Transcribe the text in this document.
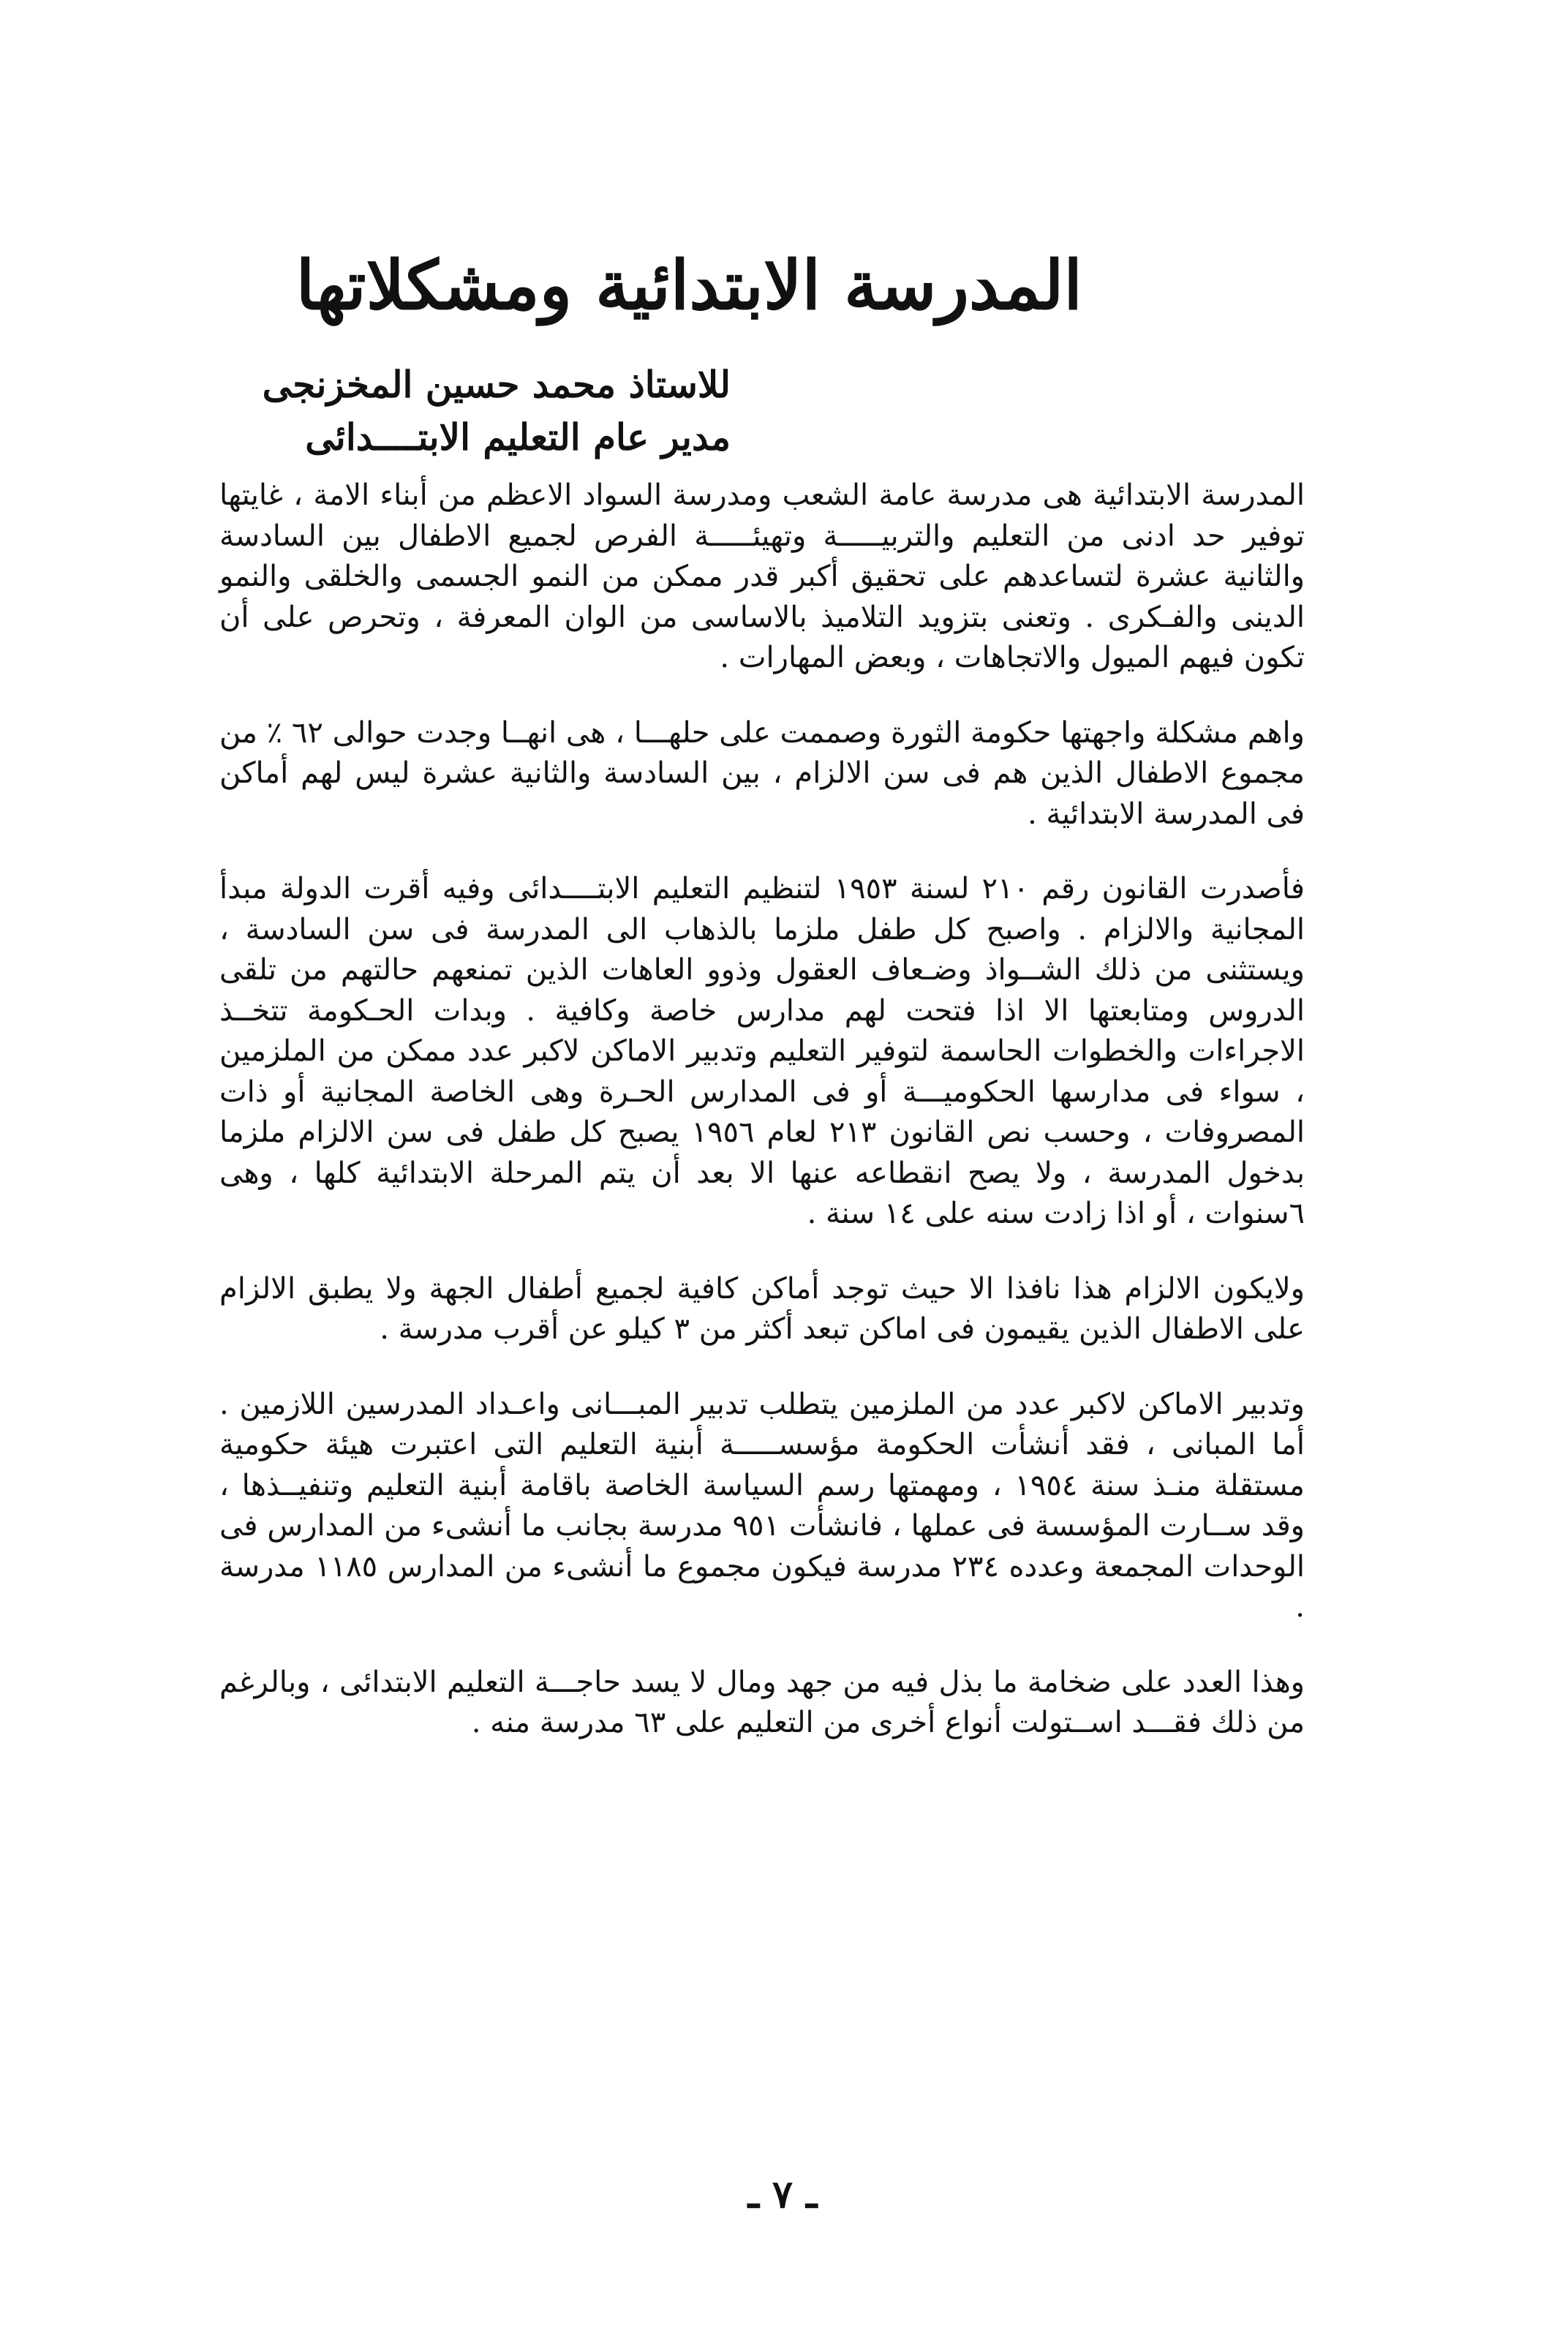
المدرسة الابتدائية ومشكلاتها
للاستاذ محمد حسين المخزنجى
مدير عام التعليم الابتــــدائى

المدرسة الابتدائية هى مدرسة عامة الشعب ومدرسة السواد الاعظم من أبناء الامة ، غايتها توفير حد ادنى من التعليم والتربيـــــة وتهيئـــــة الفرص لجميع الاطفال بين السادسة والثانية عشرة لتساعدهم على تحقيق أكبر قدر ممكن من النمو الجسمى والخلقى والنمو الدينى والفـكرى . وتعنى بتزويد التلاميذ بالاساسى من الوان المعرفة ، وتحرص على أن تكون فيهم الميول والاتجاهات ، وبعض المهارات .

واهم مشكلة واجهتها حكومة الثورة وصممت على حلهـــا ، هى انهــا وجدت حوالى ٦٢ ٪ من مجموع الاطفال الذين هم فى سن الالزام ، بين السادسة والثانية عشرة ليس لهم أماكن فى المدرسة الابتدائية .

فأصدرت القانون رقم ٢١٠ لسنة ١٩٥٣ لتنظيم التعليم الابتــــدائى وفيه أقرت الدولة مبدأ المجانية والالزام . واصبح كل طفل ملزما بالذهاب الى المدرسة فى سن السادسة ، ويستثنى من ذلك الشــواذ وضـعاف العقول وذوو العاهات الذين تمنعهم حالتهم من تلقى الدروس ومتابعتها الا اذا فتحت لهم مدارس خاصة وكافية . وبدات الحـكومة تتخــذ الاجراءات والخطوات الحاسمة لتوفير التعليم وتدبير الاماكن لاكبر عدد ممكن من الملزمين ، سواء فى مدارسها الحكوميـــة أو فى المدارس الحـرة وهى الخاصة المجانية أو ذات المصروفات ، وحسب نص القانون ٢١٣ لعام ١٩٥٦ يصبح كل طفل فى سن الالزام ملزما بدخول المدرسة ، ولا يصح انقطاعه عنها الا بعد أن يتم المرحلة الابتدائية كلها ، وهى ٦سنوات ، أو اذا زادت سنه على ١٤ سنة .

ولايكون الالزام هذا نافذا الا حيث توجد أماكن كافية لجميع أطفال الجهة ولا يطبق الالزام على الاطفال الذين يقيمون فى اماكن تبعد أكثر من ٣ كيلو عن أقرب مدرسة .

وتدبير الاماكن لاكبر عدد من الملزمين يتطلب تدبير المبـــانى واعـداد المدرسين اللازمين . أما المبانى ، فقد أنشأت الحكومة مؤسســـــة أبنية التعليم التى اعتبرت هيئة حكومية مستقلة منـذ سنة ١٩٥٤ ، ومهمتها رسم السياسة الخاصة باقامة أبنية التعليم وتنفيــذها ، وقد ســارت المؤسسة فى عملها ، فانشأت ٩٥١ مدرسة بجانب ما أنشىء من المدارس فى الوحدات المجمعة وعدده ٢٣٤ مدرسة فيكون مجموع ما أنشىء من المدارس ١١٨٥ مدرسة .

وهذا العدد على ضخامة ما بذل فيه من جهد ومال لا يسد حاجـــة التعليم الابتدائى ، وبالرغم من ذلك فقـــد اســتولت أنواع أخرى من التعليم على ٦٣ مدرسة منه .

ـ ٧ ـ
